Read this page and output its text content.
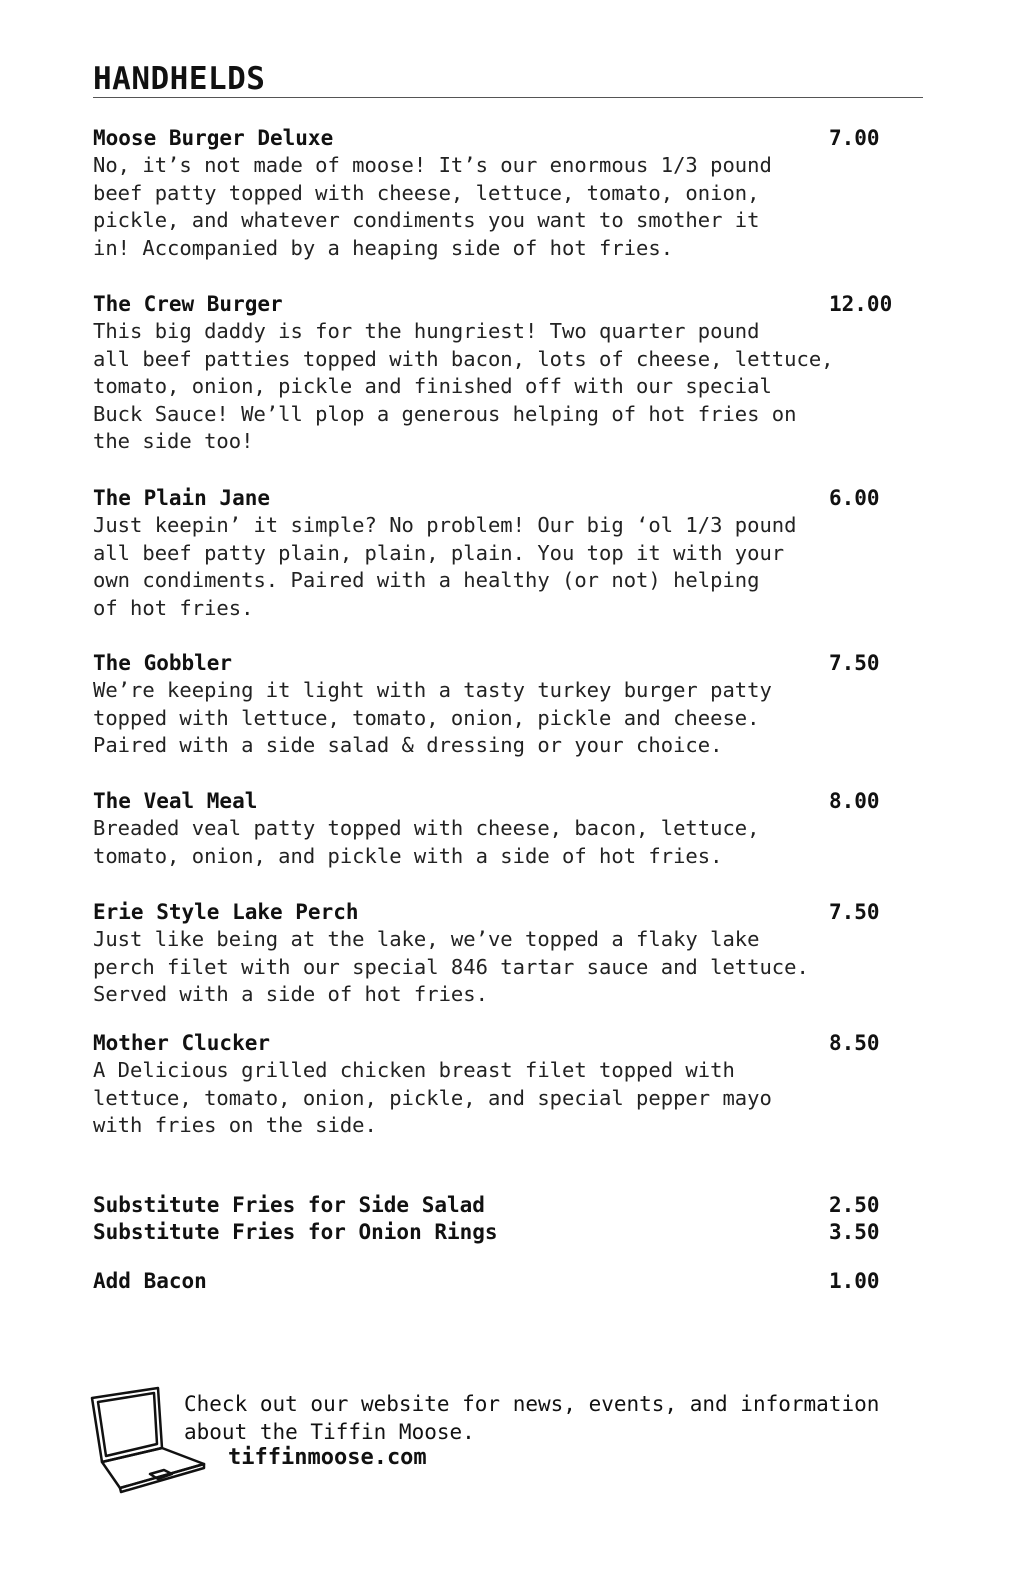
HANDHELDS
Moose Burger Deluxe	7.00
No, it’s not made of moose! It’s our enormous 1/3 pound
beef patty topped with cheese, lettuce, tomato, onion,
pickle, and whatever condiments you want to smother it
in! Accompanied by a heaping side of hot fries.
The Crew Burger	12.00
This big daddy is for the hungriest! Two quarter pound
all beef patties topped with bacon, lots of cheese, lettuce,
tomato, onion, pickle and finished off with our special
Buck Sauce! We’ll plop a generous helping of hot fries on
the side too!
The Plain Jane	6.00
Just keepin’ it simple? No problem! Our big ‘ol 1/3 pound
all beef patty plain, plain, plain. You top it with your
own condiments. Paired with a healthy (or not) helping
of hot fries.
The Gobbler	7.50
We’re keeping it light with a tasty turkey burger patty
topped with lettuce, tomato, onion, pickle and cheese.
Paired with a side salad & dressing or your choice.
The Veal Meal	8.00
Breaded veal patty topped with cheese, bacon, lettuce,
tomato, onion, and pickle with a side of hot fries.
Erie Style Lake Perch	7.50
Just like being at the lake, we’ve topped a flaky lake
perch filet with our special 846 tartar sauce and lettuce.
Served with a side of hot fries.
Mother Clucker	8.50
A Delicious grilled chicken breast filet topped with
lettuce, tomato, onion, pickle, and special pepper mayo
with fries on the side.
Substitute Fries for Side Salad	2.50
Substitute Fries for Onion Rings	3.50
Add Bacon	1.00
Check out our website for news, events, and information about the Tiffin Moose.
tiffinmoose.com
